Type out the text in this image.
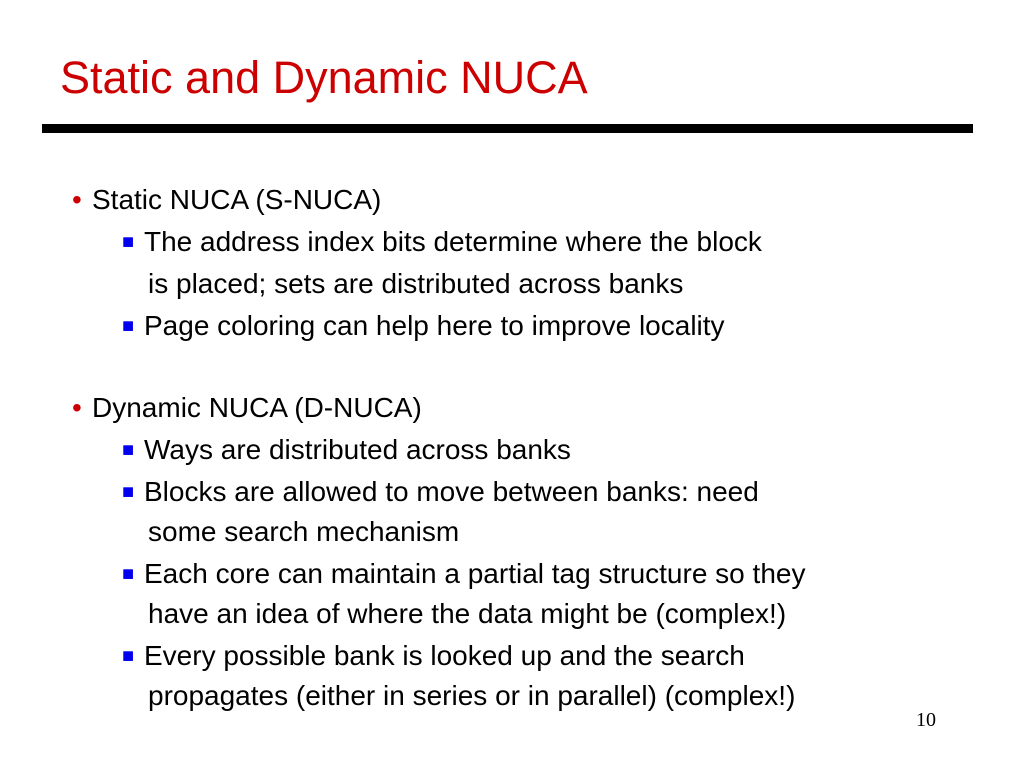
Static and Dynamic NUCA
• Static NUCA (S-NUCA)
■ The address index bits determine where the block
is placed; sets are distributed across banks
■ Page coloring can help here to improve locality
• Dynamic NUCA (D-NUCA)
■ Ways are distributed across banks
■ Blocks are allowed to move between banks: need
some search mechanism
■ Each core can maintain a partial tag structure so they
have an idea of where the data might be (complex!)
■ Every possible bank is looked up and the search
propagates (either in series or in parallel) (complex!)
10
